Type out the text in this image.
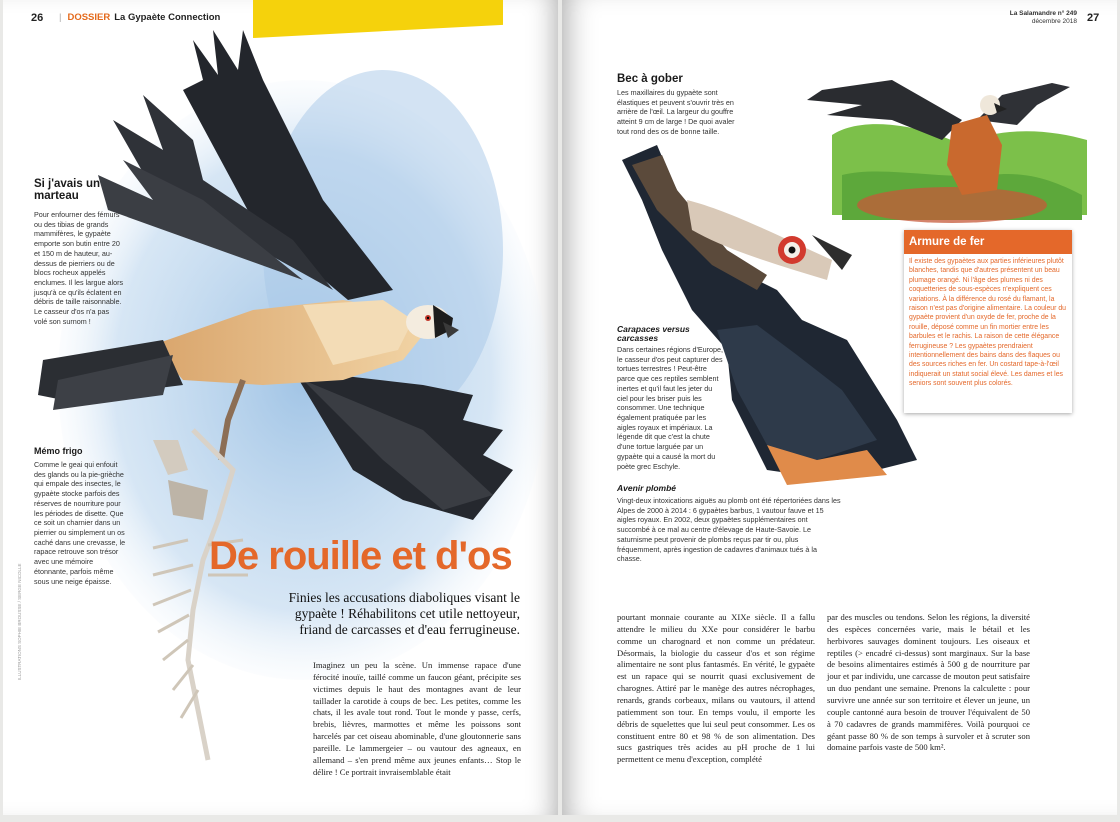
26 | DOSSIER La Gypaète Connection
Si j'avais un marteau
Pour enfourner des fémurs ou des tibias de grands mammifères, le gypaète emporte son butin entre 20 et 150 m de hauteur, au-dessus de pierriers ou de blocs rocheux appelés enclumes. Il les largue alors jusqu'à ce qu'ils éclatent en débris de taille raisonnable. Le casseur d'os n'a pas volé son surnom !
Mémo frigo
Comme le geai qui enfouit des glands ou la pie-grièche qui empale des insectes, le gypaète stocke parfois des réserves de nourriture pour les périodes de disette. Que ce soit un charnier dans un pierrier ou simplement un os caché dans une crevasse, le rapace retrouve son trésor avec une mémoire étonnante, parfois même sous une neige épaisse.
De rouille et d'os
Finies les accusations diaboliques visant le gypaète ! Réhabilitons cet utile nettoyeur, friand de carcasses et d'eau ferrugineuse.
Imaginez un peu la scène. Un immense rapace d'une férocité inouïe, taillé comme un faucon géant, précipite ses victimes depuis le haut des montagnes avant de leur taillader la carotide à coups de bec. Les petites, comme les chats, il les avale tout rond. Tout le monde y passe, cerfs, brebis, lièvres, marmottes et même les poissons sont harcelés par cet oiseau abominable, d'une gloutonnerie sans pareille. Le lammergeier – ou vautour des agneaux, en allemand – s'en prend même aux jeunes enfants… Stop le délire ! Ce portrait invraisemblable était
ILLUSTRATIONS SOPHIE BROUSSE / SERGE NICOLLE
La Salamandre n° 249
décembre 2018 27
Bec à gober
Les maxillaires du gypaète sont élastiques et peuvent s'ouvrir très en arrière de l'œil. La largeur du gouffre atteint 9 cm de large ! De quoi avaler tout rond des os de bonne taille.
Carapaces versus carcasses
Dans certaines régions d'Europe, le casseur d'os peut capturer des tortues terrestres ! Peut-être parce que ces reptiles semblent inertes et qu'il faut les jeter du ciel pour les briser puis les consommer. Une technique également pratiquée par les aigles royaux et impériaux. La légende dit que c'est la chute d'une tortue larguée par un gypaète qui a causé la mort du poète grec Eschyle.
Avenir plombé
Vingt-deux intoxications aiguës au plomb ont été répertoriées dans les Alpes de 2000 à 2014 : 6 gypaètes barbus, 1 vautour fauve et 15 aigles royaux. En 2002, deux gypaètes supplémentaires ont succombé à ce mal au centre d'élevage de Haute-Savoie. Le saturnisme peut provenir de plombs reçus par tir ou, plus fréquemment, après ingestion de cadavres d'animaux tués à la chasse.
Armure de fer
Il existe des gypaètes aux parties inférieures plutôt blanches, tandis que d'autres présentent un beau plumage orangé. Ni l'âge des plumes ni des coquetteries de sous-espèces n'expliquent ces variations. À la différence du rosé du flamant, la raison n'est pas d'origine alimentaire. La couleur du gypaète provient d'un oxyde de fer, proche de la rouille, déposé comme un fin mortier entre les barbules et le rachis. La raison de cette élégance ferrugineuse ? Les gypaètes prendraient intentionnellement des bains dans des flaques ou des sources riches en fer. Un costard tape-à-l'œil indiquerait un statut social élevé. Les dames et les seniors sont souvent plus colorés.
pourtant monnaie courante au XIXe siècle. Il a fallu attendre le milieu du XXe pour considérer le barbu comme un charognard et non comme un prédateur. Désormais, la biologie du casseur d'os et son régime alimentaire ne sont plus fantasmés. En vérité, le gypaète est un rapace qui se nourrit quasi exclusivement de charognes. Attiré par le manège des autres nécrophages, renards, grands corbeaux, milans ou vautours, il attend patiemment son tour. En temps voulu, il emporte les débris de squelettes que lui seul peut consommer. Les os constituent entre 80 et 98 % de son alimentation. Des sucs gastriques très acides au pH proche de 1 lui permettent ce menu d'exception, complété
par des muscles ou tendons. Selon les régions, la diversité des espèces concernées varie, mais le bétail et les herbivores sauvages dominent toujours. Les oiseaux et reptiles (> encadré ci-dessus) sont marginaux. Sur la base de besoins alimentaires estimés à 500 g de nourriture par jour et par individu, une carcasse de mouton peut satisfaire un duo pendant une semaine. Prenons la calculette : pour survivre une année sur son territoire et élever un jeune, un couple cantonné aura besoin de trouver l'équivalent de 50 à 70 cadavres de grands mammifères. Voilà pourquoi ce géant passe 80 % de son temps à survoler et à scruter son domaine parfois vaste de 500 km².
